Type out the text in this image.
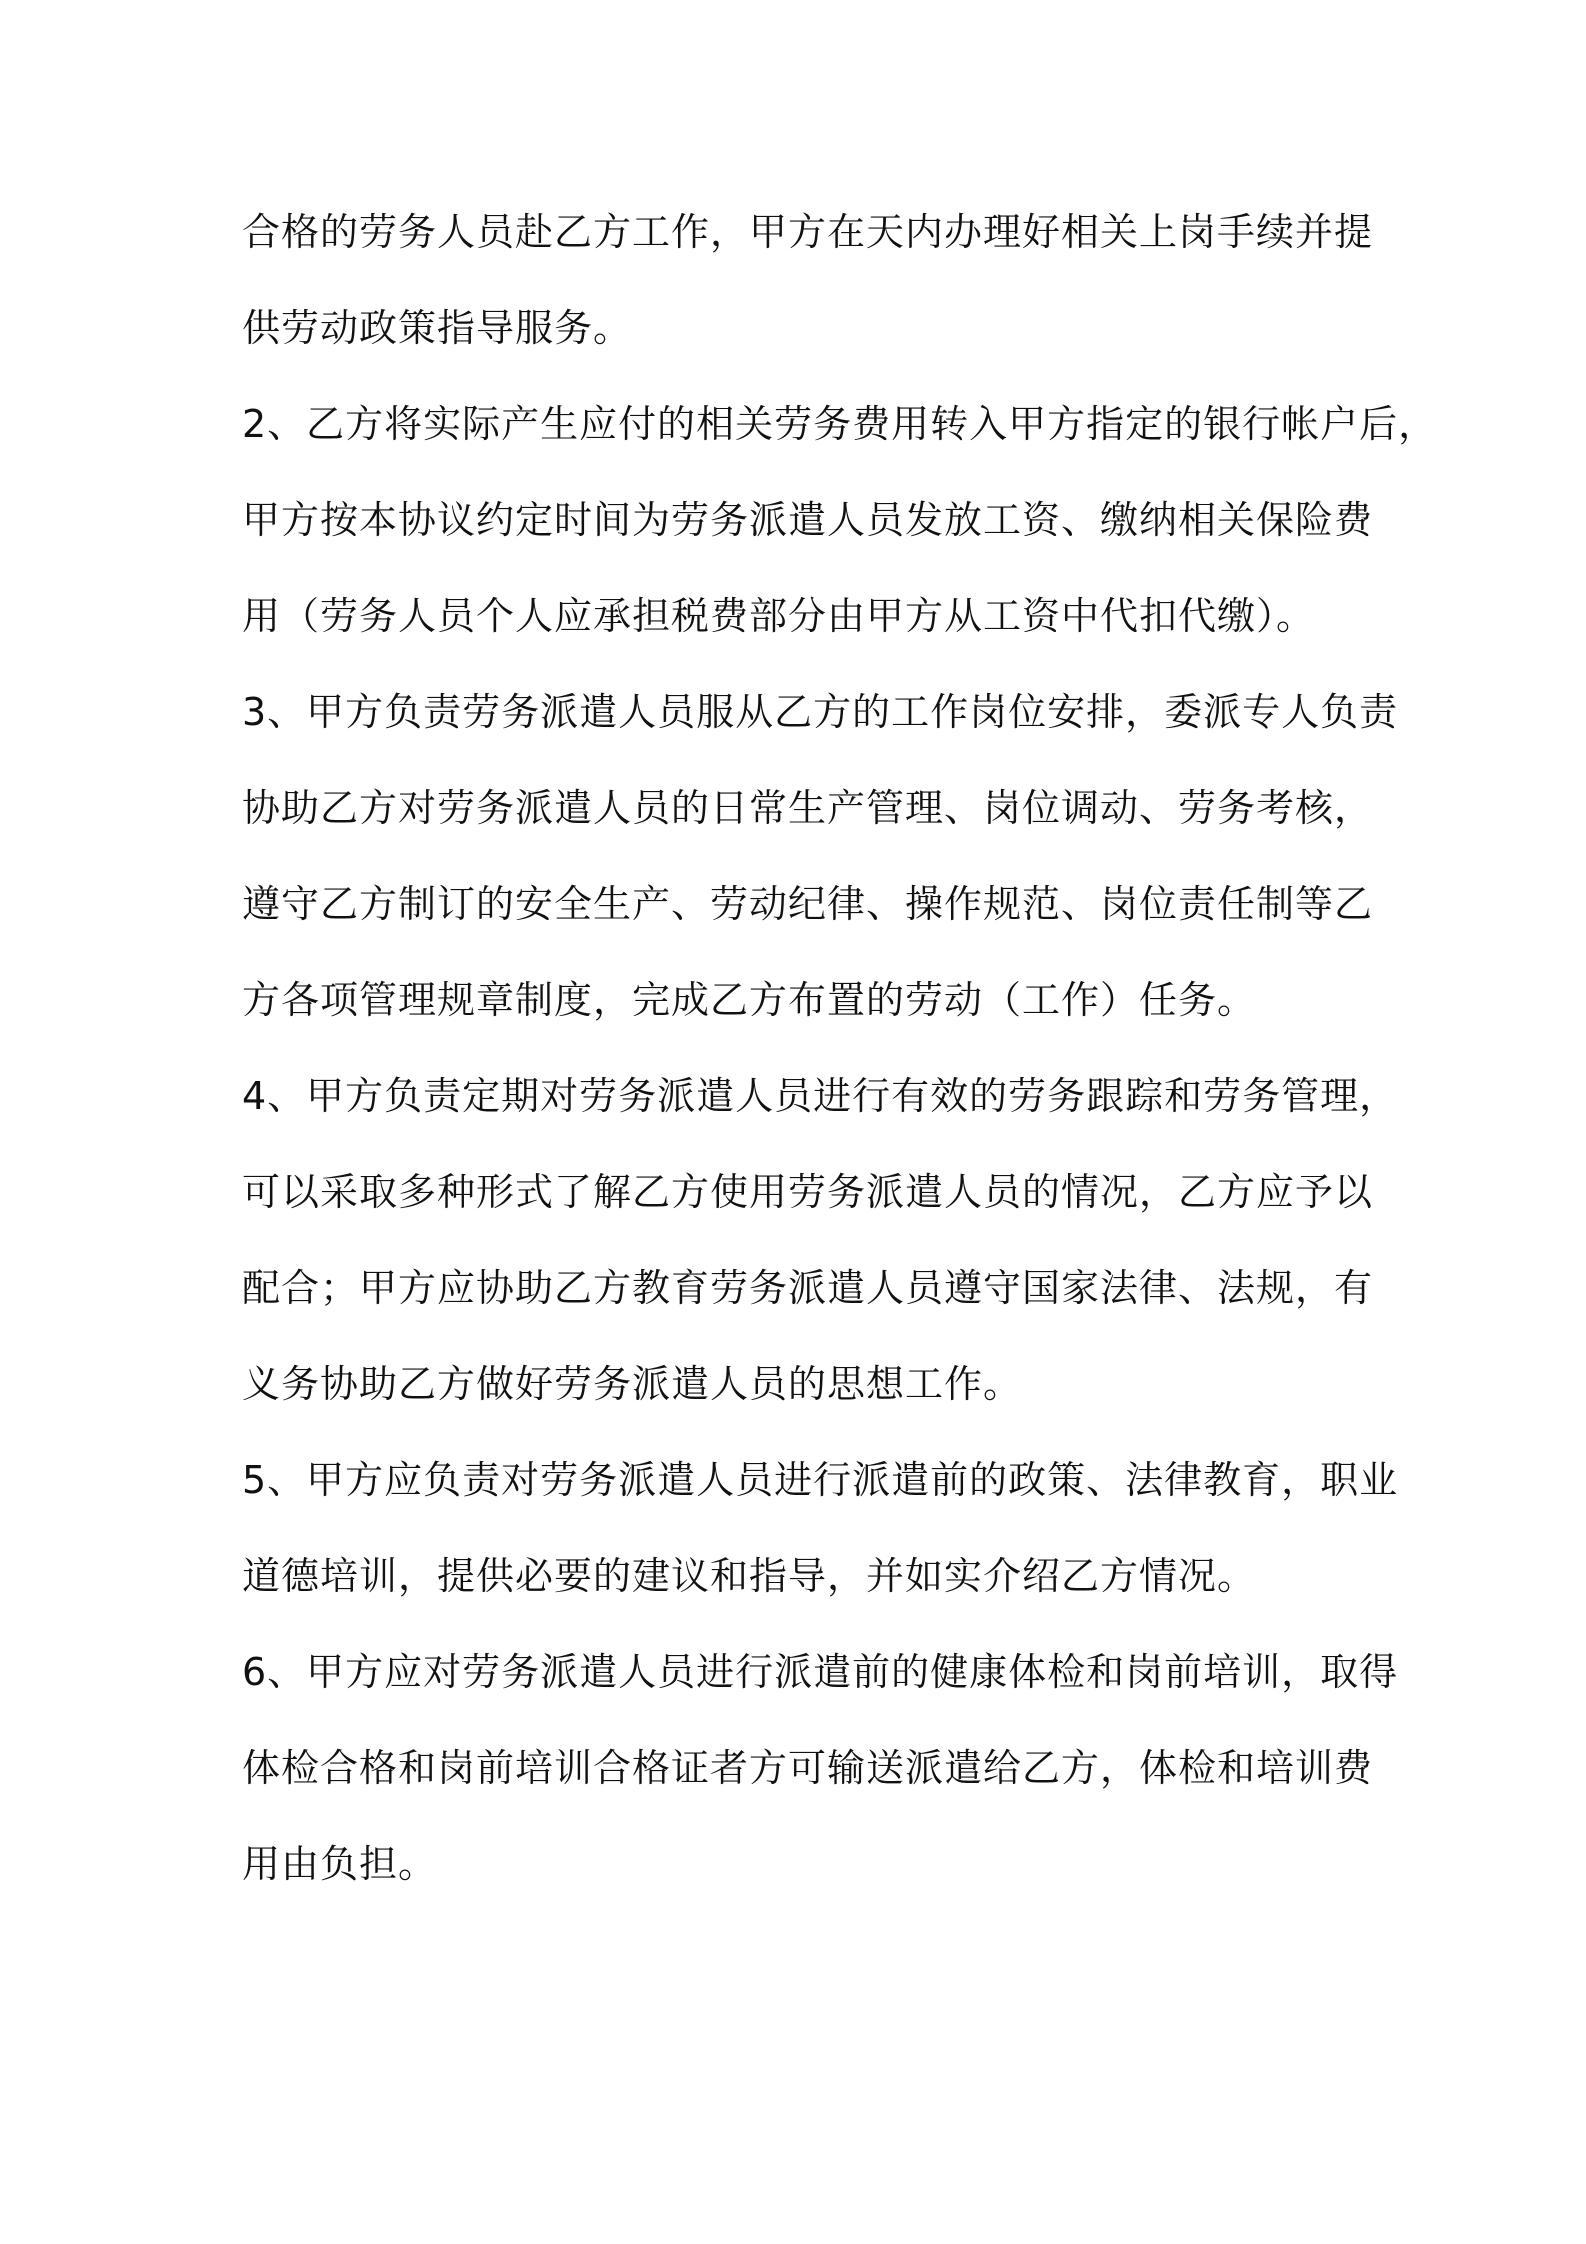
合格的劳务人员赴乙方工作，甲方在天内办理好相关上岗手续并提

供劳动政策指导服务。

2、乙方将实际产生应付的相关劳务费用转入甲方指定的银行帐户后，

甲方按本协议约定时间为劳务派遣人员发放工资、缴纳相关保险费

用（劳务人员个人应承担税费部分由甲方从工资中代扣代缴）。

3、甲方负责劳务派遣人员服从乙方的工作岗位安排，委派专人负责

协助乙方对劳务派遣人员的日常生产管理、岗位调动、劳务考核，

遵守乙方制订的安全生产、劳动纪律、操作规范、岗位责任制等乙

方各项管理规章制度，完成乙方布置的劳动（工作）任务。

4、甲方负责定期对劳务派遣人员进行有效的劳务跟踪和劳务管理，

可以采取多种形式了解乙方使用劳务派遣人员的情况，乙方应予以

配合；甲方应协助乙方教育劳务派遣人员遵守国家法律、法规，有

义务协助乙方做好劳务派遣人员的思想工作。

5、甲方应负责对劳务派遣人员进行派遣前的政策、法律教育，职业

道德培训，提供必要的建议和指导，并如实介绍乙方情况。

6、甲方应对劳务派遣人员进行派遣前的健康体检和岗前培训，取得

体检合格和岗前培训合格证者方可输送派遣给乙方，体检和培训费

用由负担。
